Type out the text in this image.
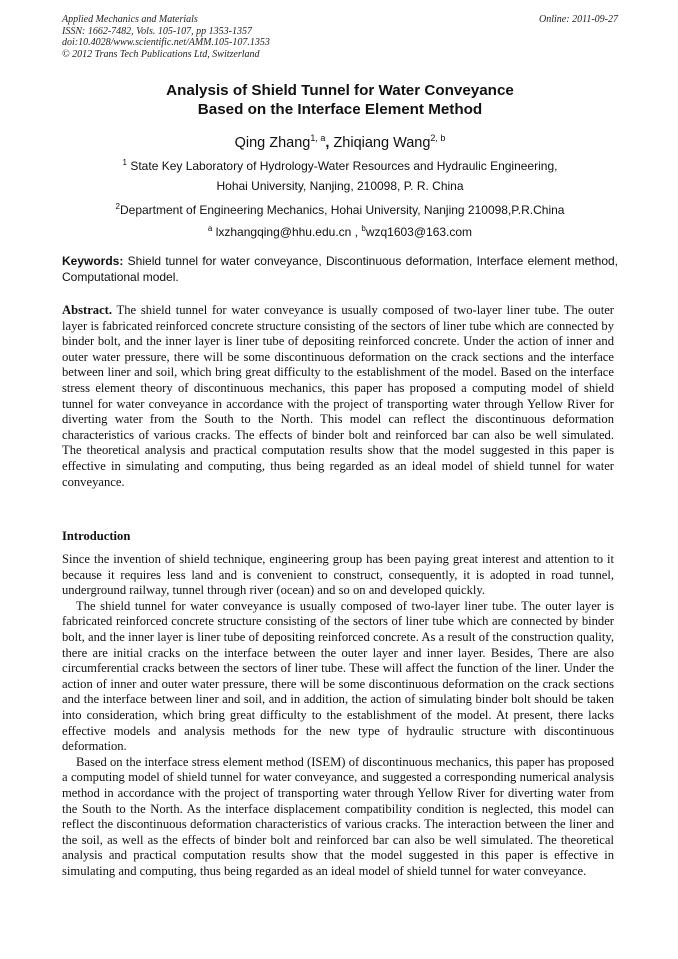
Applied Mechanics and Materials
ISSN: 1662-7482, Vols. 105-107, pp 1353-1357
doi:10.4028/www.scientific.net/AMM.105-107.1353
© 2012 Trans Tech Publications Ltd, Switzerland
Online: 2011-09-27
Analysis of Shield Tunnel for Water Conveyance
Based on the Interface Element Method
Qing Zhang$^{1, a}$, Zhiqiang Wang$^{2, b}$
$^1$ State Key Laboratory of Hydrology-Water Resources and Hydraulic Engineering,
Hohai University, Nanjing, 210098, P. R. China
$^2$Department of Engineering Mechanics, Hohai University, Nanjing 210098,P.R.China
$^a$ lxzhangqing@hhu.edu.cn , $^b$wzq1603@163.com
Keywords: Shield tunnel for water conveyance, Discontinuous deformation, Interface element method, Computational model.
Abstract. The shield tunnel for water conveyance is usually composed of two-layer liner tube. The outer layer is fabricated reinforced concrete structure consisting of the sectors of liner tube which are connected by binder bolt, and the inner layer is liner tube of depositing reinforced concrete. Under the action of inner and outer water pressure, there will be some discontinuous deformation on the crack sections and the interface between liner and soil, which bring great difficulty to the establishment of the model. Based on the interface stress element theory of discontinuous mechanics, this paper has proposed a computing model of shield tunnel for water conveyance in accordance with the project of transporting water through Yellow River for diverting water from the South to the North. This model can reflect the discontinuous deformation characteristics of various cracks. The effects of binder bolt and reinforced bar can also be well simulated. The theoretical analysis and practical computation results show that the model suggested in this paper is effective in simulating and computing, thus being regarded as an ideal model of shield tunnel for water conveyance.
Introduction

Since the invention of shield technique, engineering group has been paying great interest and attention to it because it requires less land and is convenient to construct, consequently, it is adopted in road tunnel, underground railway, tunnel through river (ocean) and so on and developed quickly.

The shield tunnel for water conveyance is usually composed of two-layer liner tube. The outer layer is fabricated reinforced concrete structure consisting of the sectors of liner tube which are connected by binder bolt, and the inner layer is liner tube of depositing reinforced concrete. As a result of the construction quality, there are initial cracks on the interface between the outer layer and inner layer. Besides, There are also circumferential cracks between the sectors of liner tube. These will affect the function of the liner. Under the action of inner and outer water pressure, there will be some discontinuous deformation on the crack sections and the interface between liner and soil, and in addition, the action of simulating binder bolt should be taken into consideration, which bring great difficulty to the establishment of the model. At present, there lacks effective models and analysis methods for the new type of hydraulic structure with discontinuous deformation.

Based on the interface stress element method (ISEM) of discontinuous mechanics, this paper has proposed a computing model of shield tunnel for water conveyance, and suggested a corresponding numerical analysis method in accordance with the project of transporting water through Yellow River for diverting water from the South to the North. As the interface displacement compatibility condition is neglected, this model can reflect the discontinuous deformation characteristics of various cracks. The interaction between the liner and the soil, as well as the effects of binder bolt and reinforced bar can also be well simulated. The theoretical analysis and practical computation results show that the model suggested in this paper is effective in simulating and computing, thus being regarded as an ideal model of shield tunnel for water conveyance.
